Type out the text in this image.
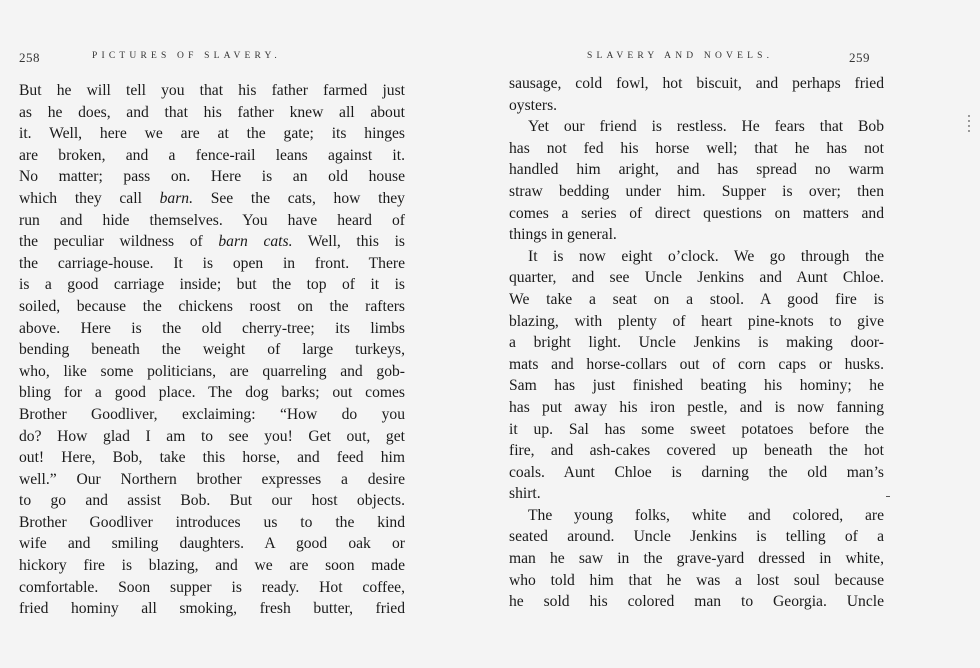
258	PICTURES OF SLAVERY.
But he will tell you that his father farmed just
as he does, and that his father knew all about
it. Well, here we are at the gate; its hinges
are broken, and a fence-rail leans against it.
No matter; pass on. Here is an old house
which they call barn. See the cats, how they
run and hide themselves. You have heard of
the peculiar wildness of barn cats. Well, this is
the carriage-house. It is open in front. There
is a good carriage inside; but the top of it is
soiled, because the chickens roost on the rafters
above. Here is the old cherry-tree; its limbs
bending beneath the weight of large turkeys,
who, like some politicians, are quarreling and gob-
bling for a good place. The dog barks; out comes
Brother Goodliver, exclaiming: “How do you
do? How glad I am to see you! Get out, get
out! Here, Bob, take this horse, and feed him
well.” Our Northern brother expresses a desire
to go and assist Bob. But our host objects.
Brother Goodliver introduces us to the kind
wife and smiling daughters. A good oak or
hickory fire is blazing, and we are soon made
comfortable. Soon supper is ready. Hot coffee,
fried hominy all smoking, fresh butter, fried
SLAVERY AND NOVELS.	259
sausage, cold fowl, hot biscuit, and perhaps fried
oysters.
Yet our friend is restless. He fears that Bob
has not fed his horse well; that he has not
handled him aright, and has spread no warm
straw bedding under him. Supper is over; then
comes a series of direct questions on matters and
things in general.
It is now eight o’clock. We go through the
quarter, and see Uncle Jenkins and Aunt Chloe.
We take a seat on a stool. A good fire is
blazing, with plenty of heart pine-knots to give
a bright light. Uncle Jenkins is making door-
mats and horse-collars out of corn caps or husks.
Sam has just finished beating his hominy; he
has put away his iron pestle, and is now fanning
it up. Sal has some sweet potatoes before the
fire, and ash-cakes covered up beneath the hot
coals. Aunt Chloe is darning the old man’s
shirt.
The young folks, white and colored, are
seated around. Uncle Jenkins is telling of a
man he saw in the grave-yard dressed in white,
who told him that he was a lost soul because
he sold his colored man to Georgia. Uncle
